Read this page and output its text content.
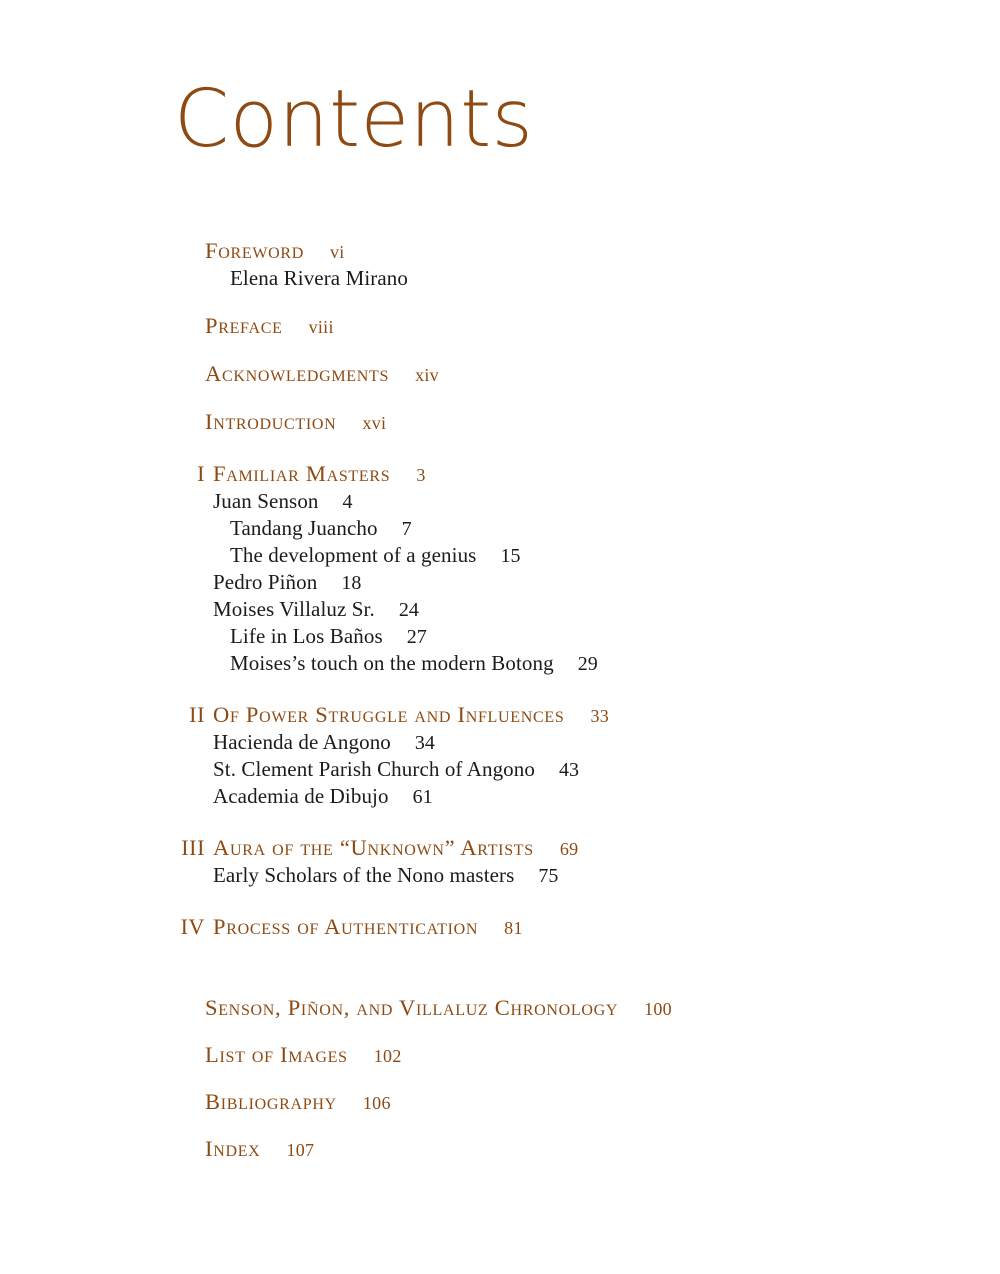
Contents
Foreword	vi
Elena Rivera Mirano
Preface	viii
Acknowledgments	xiv
Introduction	xvi
I Familiar Masters	3
Juan Senson	4
Tandang Juancho	7
The development of a genius	15
Pedro Piñon	18
Moises Villaluz Sr.	24
Life in Los Baños	27
Moises’s touch on the modern Botong	29
II Of Power Struggle and Influences	33
Hacienda de Angono	34
St. Clement Parish Church of Angono	43
Academia de Dibujo	61
III Aura of the “Unknown” Artists	69
Early Scholars of the Nono masters	75
IV Process of Authentication	81
Senson, Piñon, and Villaluz Chronology	100
List of Images	102
Bibliography	106
Index	107
